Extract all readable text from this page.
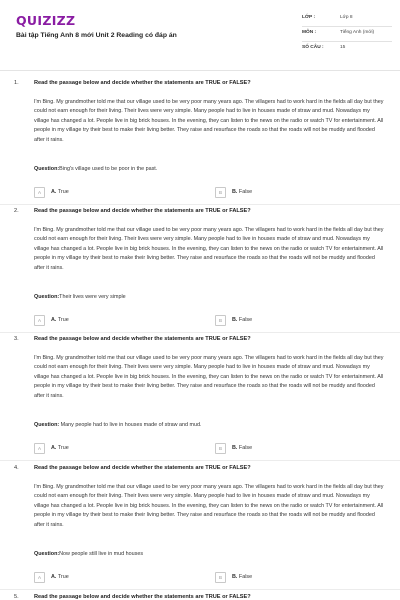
QUIZIZZ
Bài tập Tiếng Anh 8 mới Unit 2 Reading có đáp án
LỚP :	Lớp 8
MÔN :	Tiếng Anh (mới)
SỐ CÂU :	15
1.	Read the passage below and decide whether the statements are TRUE or FALSE?
I'm Bing. My grandmother told me that our village used to be very poor many years ago. The villagers had to work hard in the fields all day but they could not earn enough for their living. Their lives were very simple. Many people had to live in houses made of straw and mud. Nowadays my village has changed a lot. People live in big brick houses. In the evening, they can listen to the news on the radio or watch TV for entertainment. All people in my village try their best to make their living better. They raise and resurface the roads so that the roads will not be muddy and flooded after it rains.
Question:Bing's village used to be poor in the past.
A	A. True	B	B. False
2.	Read the passage below and decide whether the statements are TRUE or FALSE?
I'm Bing. My grandmother told me that our village used to be very poor many years ago. The villagers had to work hard in the fields all day but they could not earn enough for their living. Their lives were very simple. Many people had to live in houses made of straw and mud. Nowadays my village has changed a lot. People live in big brick houses. In the evening, they can listen to the news on the radio or watch TV for entertainment. All people in my village try their best to make their living better. They raise and resurface the roads so that the roads will not be muddy and flooded after it rains.
Question:Their lives were very simple
A	A. True	B	B. False
3.	Read the passage below and decide whether the statements are TRUE or FALSE?
I'm Bing. My grandmother told me that our village used to be very poor many years ago. The villagers had to work hard in the fields all day but they could not earn enough for their living. Their lives were very simple. Many people had to live in houses made of straw and mud. Nowadays my village has changed a lot. People live in big brick houses. In the evening, they can listen to the news on the radio or watch TV for entertainment. All people in my village try their best to make their living better. They raise and resurface the roads so that the roads will not be muddy and flooded after it rains.
Question: Many people had to live in houses made of straw and mud.
A	A. True	B	B. False
4.	Read the passage below and decide whether the statements are TRUE or FALSE?
I'm Bing. My grandmother told me that our village used to be very poor many years ago. The villagers had to work hard in the fields all day but they could not earn enough for their living. Their lives were very simple. Many people had to live in houses made of straw and mud. Nowadays my village has changed a lot. People live in big brick houses. In the evening, they can listen to the news on the radio or watch TV for entertainment. All people in my village try their best to make their living better. They raise and resurface the roads so that the roads will not be muddy and flooded after it rains.
Question:Now people still live in mud houses
A	A. True	B	B. False
5.	Read the passage below and decide whether the statements are TRUE or FALSE?
